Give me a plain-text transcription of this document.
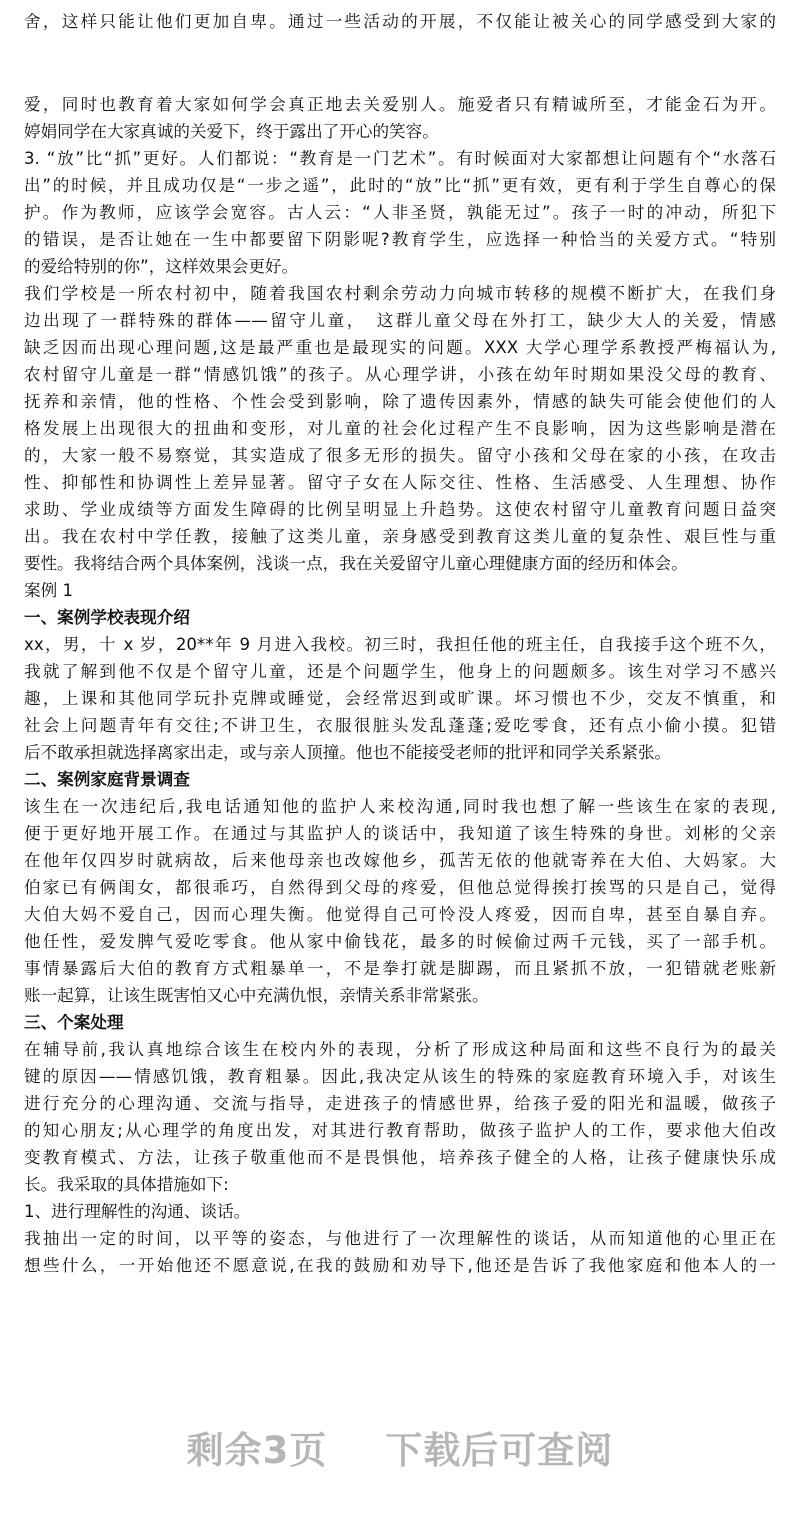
舍，这样只能让他们更加自卑。通过一些活动的开展，不仅能让被关心的同学感受到大家的
爱，同时也教育着大家如何学会真正地去关爱别人。施爱者只有精诚所至，才能金石为开。
婷娟同学在大家真诚的关爱下，终于露出了开心的笑容。
3. “放”比“抓”更好。人们都说：“教育是一门艺术”。有时候面对大家都想让问题有个“水落石
出”的时候，并且成功仅是“一步之遥”，此时的“放”比“抓”更有效，更有利于学生自尊心的保
护。作为教师，应该学会宽容。古人云：“人非圣贤，孰能无过”。孩子一时的冲动，所犯下
的错误，是否让她在一生中都要留下阴影呢?教育学生，应选择一种恰当的关爱方式。“特别
的爱给特别的你”，这样效果会更好。
我们学校是一所农村初中，随着我国农村剩余劳动力向城市转移的规模不断扩大，在我们身
边出现了一群特殊的群体——留守儿童，　这群儿童父母在外打工，缺少大人的关爱，情感
缺乏因而出现心理问题,这是最严重也是最现实的问题。XXX 大学心理学系教授严梅福认为,
农村留守儿童是一群“情感饥饿”的孩子。从心理学讲，小孩在幼年时期如果没父母的教育、
抚养和亲情，他的性格、个性会受到影响，除了遗传因素外，情感的缺失可能会使他们的人
格发展上出现很大的扭曲和变形，对儿童的社会化过程产生不良影响，因为这些影响是潜在
的，大家一般不易察觉，其实造成了很多无形的损失。留守小孩和父母在家的小孩，在攻击
性、抑郁性和协调性上差异显著。留守子女在人际交往、性格、生活感受、人生理想、协作
求助、学业成绩等方面发生障碍的比例呈明显上升趋势。这使农村留守儿童教育问题日益突
出。我在农村中学任教，接触了这类儿童，亲身感受到教育这类儿童的复杂性、艰巨性与重
要性。我将结合两个具体案例，浅谈一点，我在关爱留守儿童心理健康方面的经历和体会。
案例 1
一、案例学校表现介绍
xx，男，十 x 岁，20**年 9 月进入我校。初三时，我担任他的班主任，自我接手这个班不久，
我就了解到他不仅是个留守儿童，还是个问题学生，他身上的问题颇多。该生对学习不感兴
趣，上课和其他同学玩扑克牌或睡觉，会经常迟到或旷课。坏习惯也不少，交友不慎重，和
社会上问题青年有交往;不讲卫生，衣服很脏头发乱蓬蓬;爱吃零食，还有点小偷小摸。犯错
后不敢承担就选择离家出走，或与亲人顶撞。他也不能接受老师的批评和同学关系紧张。
二、案例家庭背景调查
该生在一次违纪后,我电话通知他的监护人来校沟通,同时我也想了解一些该生在家的表现,
便于更好地开展工作。在通过与其监护人的谈话中，我知道了该生特殊的身世。刘彬的父亲
在他年仅四岁时就病故，后来他母亲也改嫁他乡，孤苦无依的他就寄养在大伯、大妈家。大
伯家已有俩闺女，都很乖巧，自然得到父母的疼爱，但他总觉得挨打挨骂的只是自己，觉得
大伯大妈不爱自己，因而心理失衡。他觉得自己可怜没人疼爱，因而自卑，甚至自暴自弃。
他任性，爱发脾气爱吃零食。他从家中偷钱花，最多的时候偷过两千元钱，买了一部手机。
事情暴露后大伯的教育方式粗暴单一，不是拳打就是脚踢，而且紧抓不放，一犯错就老账新
账一起算，让该生既害怕又心中充满仇恨，亲情关系非常紧张。
三、个案处理
在辅导前,我认真地综合该生在校内外的表现，分析了形成这种局面和这些不良行为的最关
键的原因——情感饥饿，教育粗暴。因此,我决定从该生的特殊的家庭教育环境入手，对该生
进行充分的心理沟通、交流与指导，走进孩子的情感世界，给孩子爱的阳光和温暖，做孩子
的知心朋友;从心理学的角度出发，对其进行教育帮助，做孩子监护人的工作，要求他大伯改
变教育模式、方法，让孩子敬重他而不是畏惧他，培养孩子健全的人格，让孩子健康快乐成
长。我采取的具体措施如下:
1、进行理解性的沟通、谈话。
我抽出一定的时间，以平等的姿态，与他进行了一次理解性的谈话，从而知道他的心里正在
想些什么，一开始他还不愿意说,在我的鼓励和劝导下,他还是告诉了我他家庭和他本人的一
剩余3页 下载后可查阅
